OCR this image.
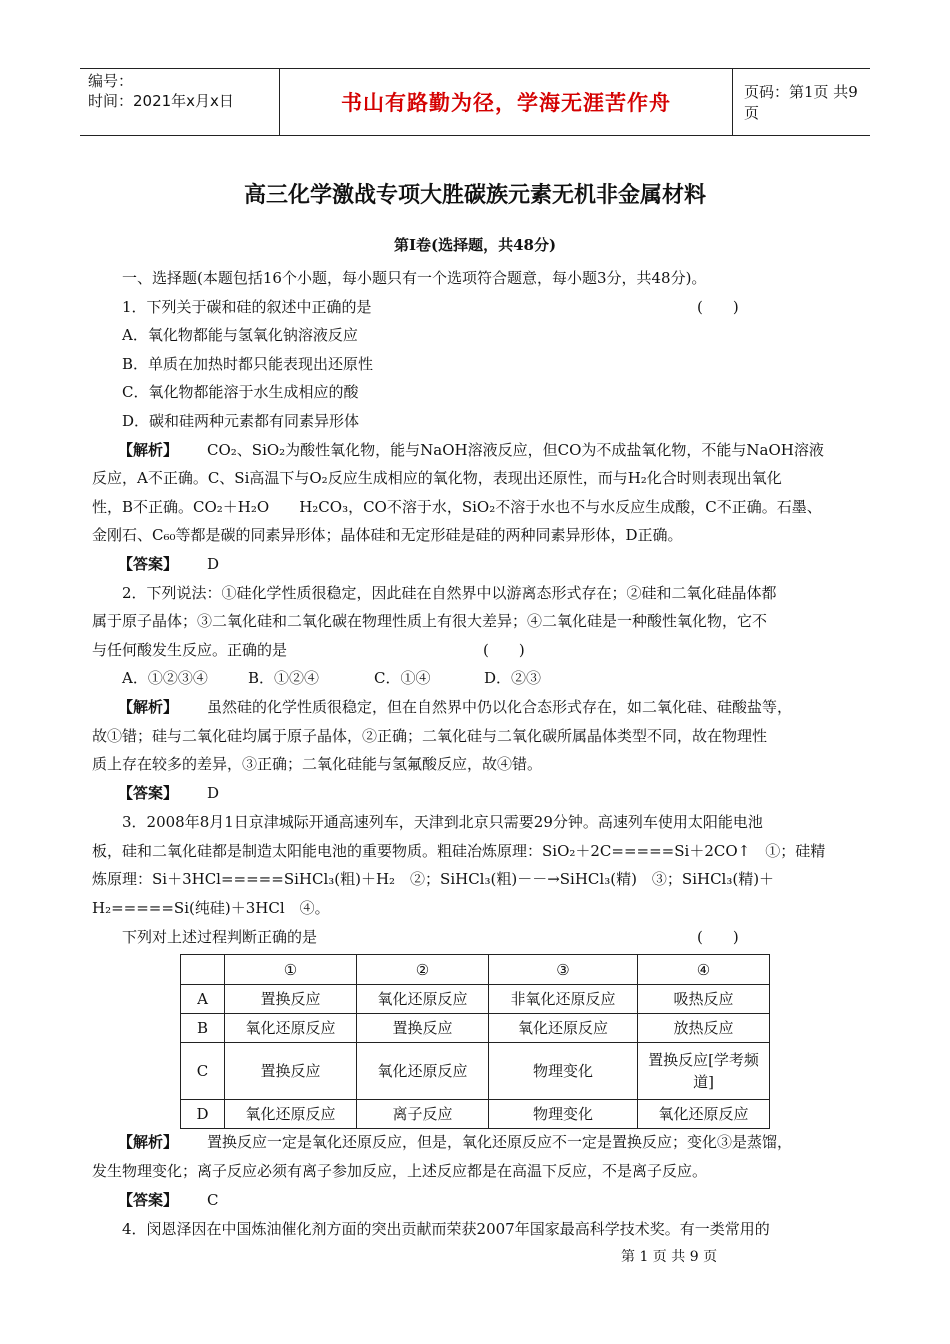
编号：
时间：2021年x月x日	书山有路勤为径，学海无涯苦作舟	页码：第1页 共9页
高三化学激战专项大胜碳族元素无机非金属材料
第Ⅰ卷(选择题，共48分)
一、选择题(本题包括16个小题，每小题只有一个选项符合题意，每小题3分，共48分)。
1．下列关于碳和硅的叙述中正确的是	(　　)
A．氧化物都能与氢氧化钠溶液反应
B．单质在加热时都只能表现出还原性
C．氧化物都能溶于水生成相应的酸
D．碳和硅两种元素都有同素异形体
【解析】 CO₂、SiO₂为酸性氧化物，能与NaOH溶液反应，但CO为不成盐氧化物，不能与NaOH溶液
反应，A不正确。C、Si高温下与O₂反应生成相应的氧化物，表现出还原性，而与H₂化合时则表现出氧化
性，B不正确。CO₂＋H₂O　　H₂CO₃，CO不溶于水，SiO₂不溶于水也不与水反应生成酸，C不正确。石墨、
金刚石、C₆₀等都是碳的同素异形体；晶体硅和无定形硅是硅的两种同素异形体，D正确。
【答案】 D
2．下列说法：①硅化学性质很稳定，因此硅在自然界中以游离态形式存在；②硅和二氧化硅晶体都
属于原子晶体；③二氧化硅和二氧化碳在物理性质上有很大差异；④二氧化硅是一种酸性氧化物，它不
与任何酸发生反应。正确的是	(　　)
A．①②③④	B．①②④	C．①④	D．②③
【解析】 虽然硅的化学性质很稳定，但在自然界中仍以化合态形式存在，如二氧化硅、硅酸盐等，
故①错；硅与二氧化硅均属于原子晶体，②正确；二氧化硅与二氧化碳所属晶体类型不同，故在物理性
质上存在较多的差异，③正确；二氧化硅能与氢氟酸反应，故④错。
【答案】 D
3．2008年8月1日京津城际开通高速列车，天津到北京只需要29分钟。高速列车使用太阳能电池
板，硅和二氧化硅都是制造太阳能电池的重要物质。粗硅冶炼原理：SiO₂＋2C=====Si＋2CO↑　①；硅精
炼原理：Si＋3HCl=====SiHCl₃(粗)＋H₂　②；SiHCl₃(粗)－－→SiHCl₃(精)　③；SiHCl₃(精)＋
H₂=====Si(纯硅)＋3HCl　④。
下列对上述过程判断正确的是	(　　)
	①	②	③	④
A	置换反应	氧化还原反应	非氧化还原反应	吸热反应
B	氧化还原反应	置换反应	氧化还原反应	放热反应
C	置换反应	氧化还原反应	物理变化	置换反应[学考频道]
D	氧化还原反应	离子反应	物理变化	氧化还原反应
【解析】 置换反应一定是氧化还原反应，但是，氧化还原反应不一定是置换反应；变化③是蒸馏，
发生物理变化；离子反应必须有离子参加反应，上述反应都是在高温下反应，不是离子反应。
【答案】 C
4．闵恩泽因在中国炼油催化剂方面的突出贡献而荣获2007年国家最高科学技术奖。有一类常用的
第 1 页 共 9 页
